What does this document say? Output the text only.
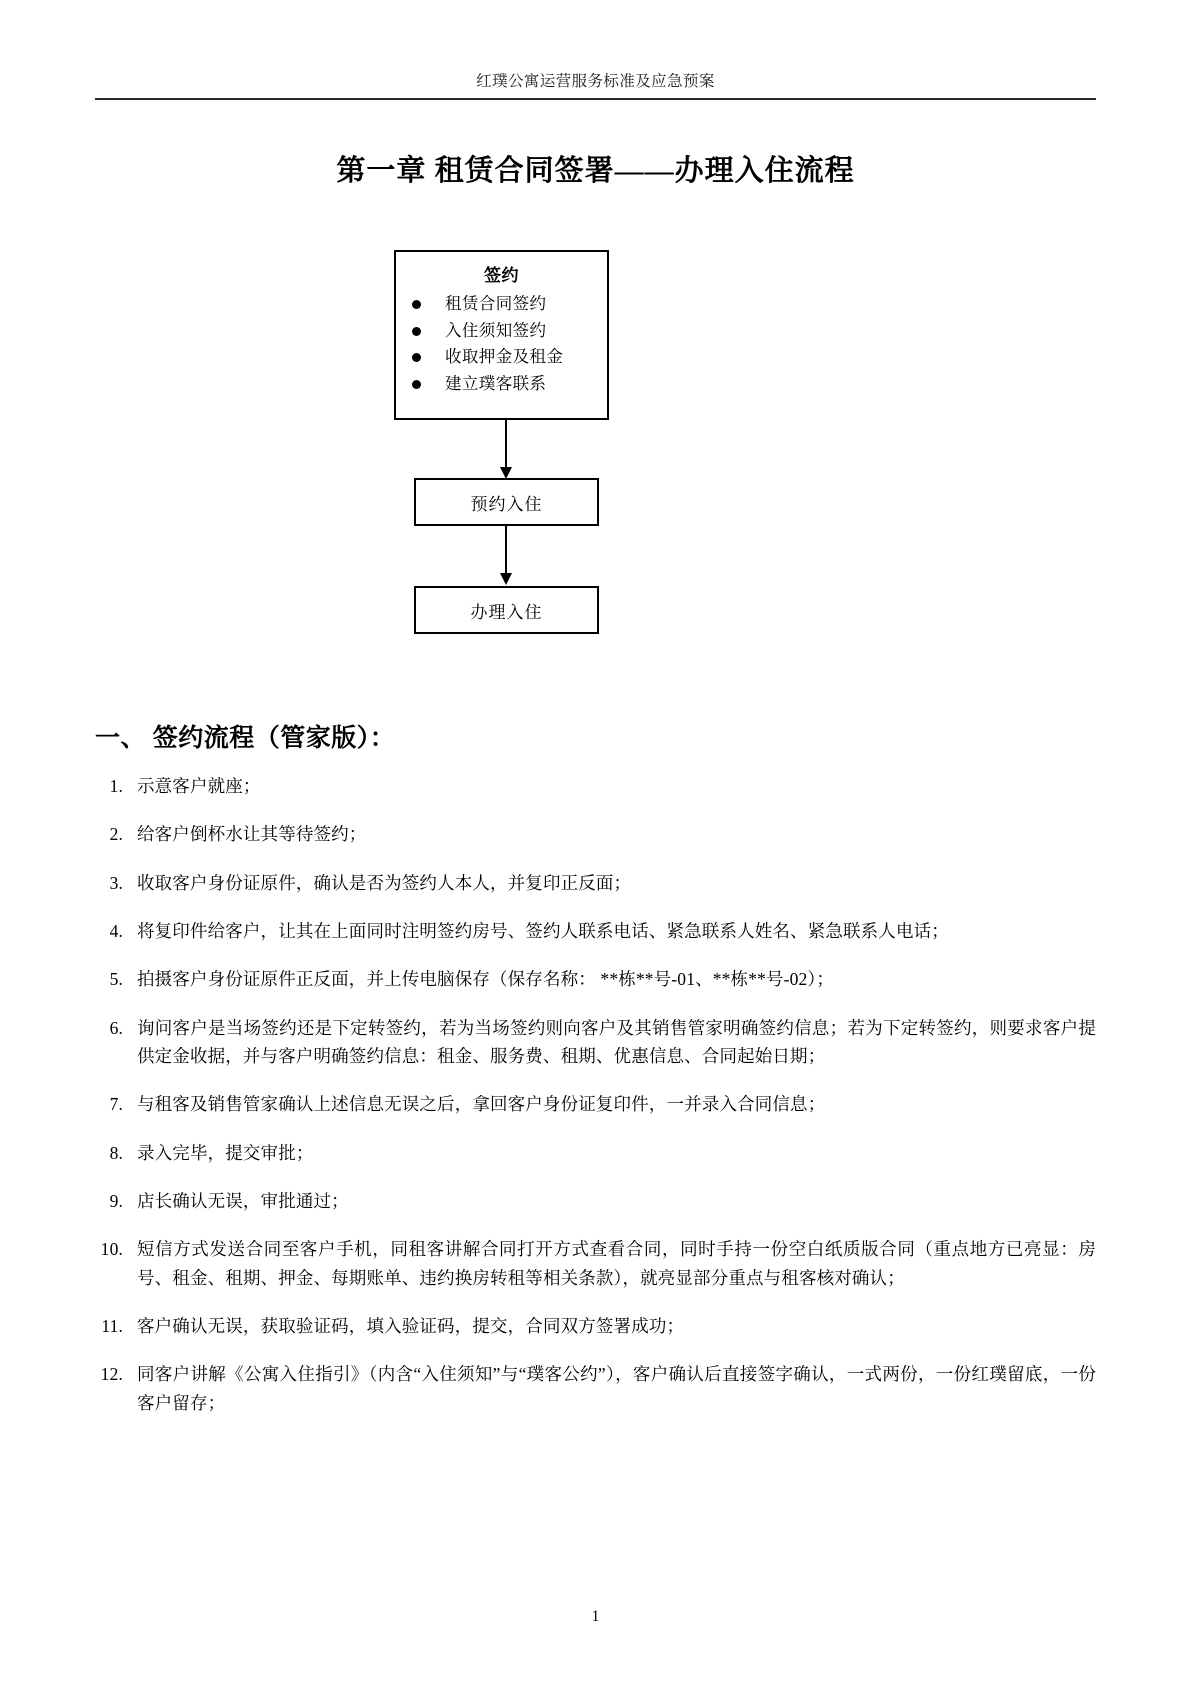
红璞公寓运营服务标准及应急预案
第一章 租赁合同签署——办理入住流程
签约
租赁合同签约
入住须知签约
收取押金及租金
建立璞客联系
预约入住
办理入住
一、 签约流程（管家版）：
1. 示意客户就座；
2. 给客户倒杯水让其等待签约；
3. 收取客户身份证原件，确认是否为签约人本人，并复印正反面；
4. 将复印件给客户，让其在上面同时注明签约房号、签约人联系电话、紧急联系人姓名、紧急联系人电话；
5. 拍摄客户身份证原件正反面，并上传电脑保存（保存名称： **栋**号-01、**栋**号-02）；
6. 询问客户是当场签约还是下定转签约，若为当场签约则向客户及其销售管家明确签约信息；若为下定转签约，则要求客户提供定金收据，并与客户明确签约信息：租金、服务费、租期、优惠信息、合同起始日期；
7. 与租客及销售管家确认上述信息无误之后，拿回客户身份证复印件，一并录入合同信息；
8. 录入完毕，提交审批；
9. 店长确认无误，审批通过；
10. 短信方式发送合同至客户手机，同租客讲解合同打开方式查看合同，同时手持一份空白纸质版合同（重点地方已亮显：房号、租金、租期、押金、每期账单、违约换房转租等相关条款），就亮显部分重点与租客核对确认；
11. 客户确认无误，获取验证码，填入验证码，提交，合同双方签署成功；
12. 同客户讲解《公寓入住指引》（内含“入住须知”与“璞客公约”），客户确认后直接签字确认，一式两份，一份红璞留底，一份客户留存；
1
